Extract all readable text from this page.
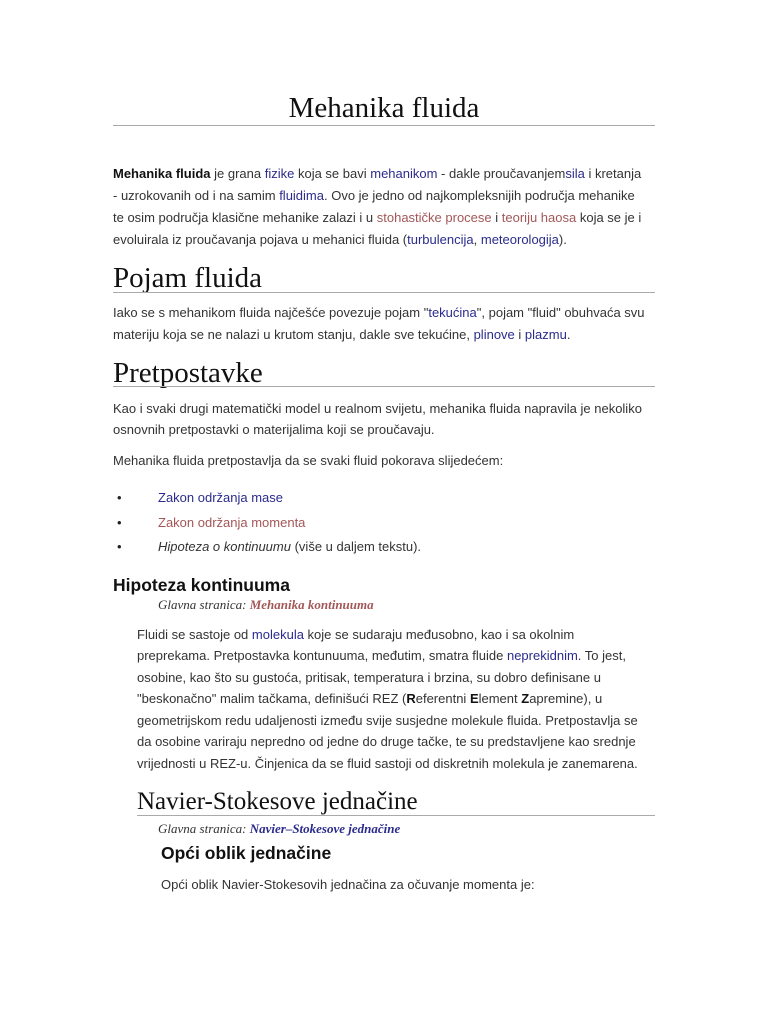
Mehanika fluida
Mehanika fluida je grana fizike koja se bavi mehanikom - dakle proučavanjemsila i kretanja
- uzrokovanih od i na samim fluidima. Ovo je jedno od najkompleksnijih područja mehanike
te osim područja klasične mehanike zalazi i u stohastičke procese i teoriju haosa koja se je i
evoluirala iz proučavanja pojava u mehanici fluida (turbulencija, meteorologija).
Pojam fluida
Iako se s mehanikom fluida najčešće povezuje pojam "tekućina", pojam "fluid" obuhvaća svu
materiju koja se ne nalazi u krutom stanju, dakle sve tekućine, plinove i plazmu.
Pretpostavke
Kao i svaki drugi matematički model u realnom svijetu, mehanika fluida napravila je nekoliko
osnovnih pretpostavki o materijalima koji se proučavaju.
Mehanika fluida pretpostavlja da se svaki fluid pokorava slijedećem:
• Zakon održanja mase
• Zakon održanja momenta
• Hipoteza o kontinuumu (više u daljem tekstu).
Hipoteza kontinuuma
Glavna stranica: Mehanika kontinuuma
Fluidi se sastoje od molekula koje se sudaraju međusobno, kao i sa okolnim
preprekama. Pretpostavka kontunuuma, međutim, smatra fluide neprekidnim. To jest,
osobine, kao što su gustoća, pritisak, temperatura i brzina, su dobro definisane u
"beskonačno" malim tačkama, definišući REZ (Referentni Element Zapremine), u
geometrijskom redu udaljenosti između svije susjedne molekule fluida. Pretpostavlja se
da osobine variraju nepredno od jedne do druge tačke, te su predstavljene kao srednje
vrijednosti u REZ-u. Činjenica da se fluid sastoji od diskretnih molekula je zanemarena.
Navier-Stokesove jednačine
Glavna stranica: Navier–Stokesove jednačine
Opći oblik jednačine
Opći oblik Navier-Stokesovih jednačina za očuvanje momenta je:
